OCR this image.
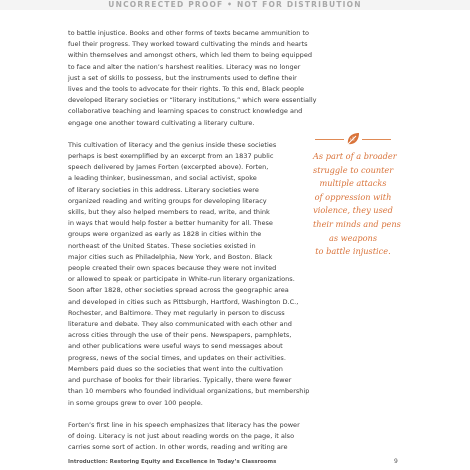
UNCORRECTED PROOF • NOT FOR DISTRIBUTION

to battle injustice. Books and other forms of texts became ammunition to
fuel their progress. They worked toward cultivating the minds and hearts
within themselves and amongst others, which led them to being equipped
to face and alter the nation’s harshest realities. Literacy was no longer
just a set of skills to possess, but the instruments used to define their
lives and the tools to advocate for their rights. To this end, Black people
developed literary societies or “literary institutions,” which were essentially
collaborative teaching and learning spaces to construct knowledge and
engage one another toward cultivating a literary culture.

This cultivation of literacy and the genius inside these societies
perhaps is best exemplified by an excerpt from an 1837 public
speech delivered by James Forten (excerpted above). Forten,
a leading thinker, businessman, and social activist, spoke
of literary societies in this address. Literary societies were
organized reading and writing groups for developing literacy
skills, but they also helped members to read, write, and think
in ways that would help foster a better humanity for all. These
groups were organized as early as 1828 in cities within the
northeast of the United States. These societies existed in
major cities such as Philadelphia, New York, and Boston. Black
people created their own spaces because they were not invited
or allowed to speak or participate in White-run literary organizations.
Soon after 1828, other societies spread across the geographic area
and developed in cities such as Pittsburgh, Hartford, Washington D.C.,
Rochester, and Baltimore. They met regularly in person to discuss
literature and debate. They also communicated with each other and
across cities through the use of their pens. Newspapers, pamphlets,
and other publications were useful ways to send messages about
progress, news of the social times, and updates on their activities.
Members paid dues so the societies that went into the cultivation
and purchase of books for their libraries. Typically, there were fewer
than 10 members who founded individual organizations, but membership
in some groups grew to over 100 people.

Forten’s first line in his speech emphasizes that literacy has the power
of doing. Literacy is not just about reading words on the page, it also
carries some sort of action. In other words, reading and writing are

As part of a broader
struggle to counter
multiple attacks
of oppression with
violence, they used
their minds and pens
as weapons
to battle injustice.
Introduction: Restoring Equity and Excellence in Today’s Classrooms	9
